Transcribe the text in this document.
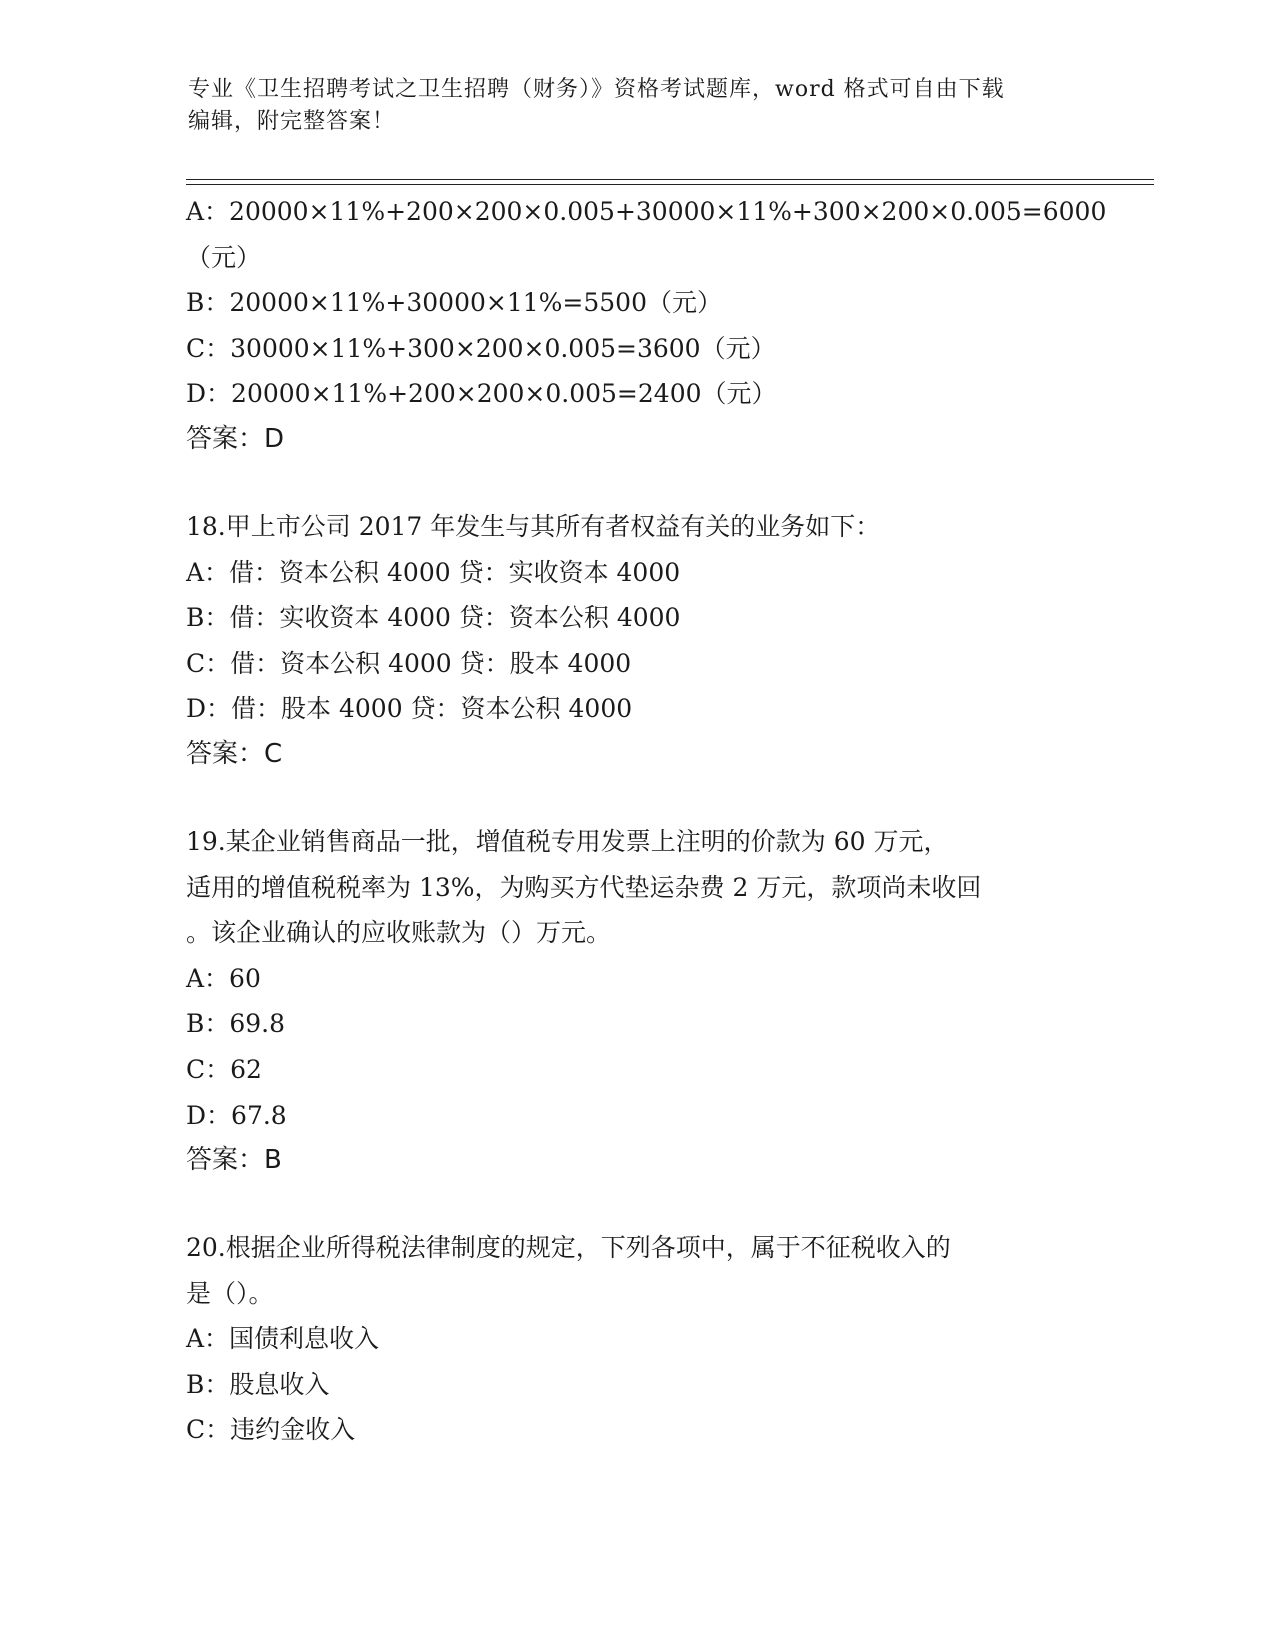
专业《卫生招聘考试之卫生招聘（财务）》资格考试题库，word 格式可自由下载
编辑，附完整答案！
A：20000×11%+200×200×0.005+30000×11%+300×200×0.005=6000
（元）
B：20000×11%+30000×11%=5500（元）
C：30000×11%+300×200×0.005=3600（元）
D：20000×11%+200×200×0.005=2400（元）
答案：D
18.甲上市公司 2017 年发生与其所有者权益有关的业务如下：
A：借：资本公积 4000 贷：实收资本 4000
B：借：实收资本 4000 贷：资本公积 4000
C：借：资本公积 4000 贷：股本 4000
D：借：股本 4000 贷：资本公积 4000
答案：C
19.某企业销售商品一批，增值税专用发票上注明的价款为 60 万元，
适用的增值税税率为 13%，为购买方代垫运杂费 2 万元，款项尚未收回
。该企业确认的应收账款为（）万元。
A：60
B：69.8
C：62
D：67.8
答案：B
20.根据企业所得税法律制度的规定，下列各项中，属于不征税收入的
是（）。
A：国债利息收入
B：股息收入
C：违约金收入
